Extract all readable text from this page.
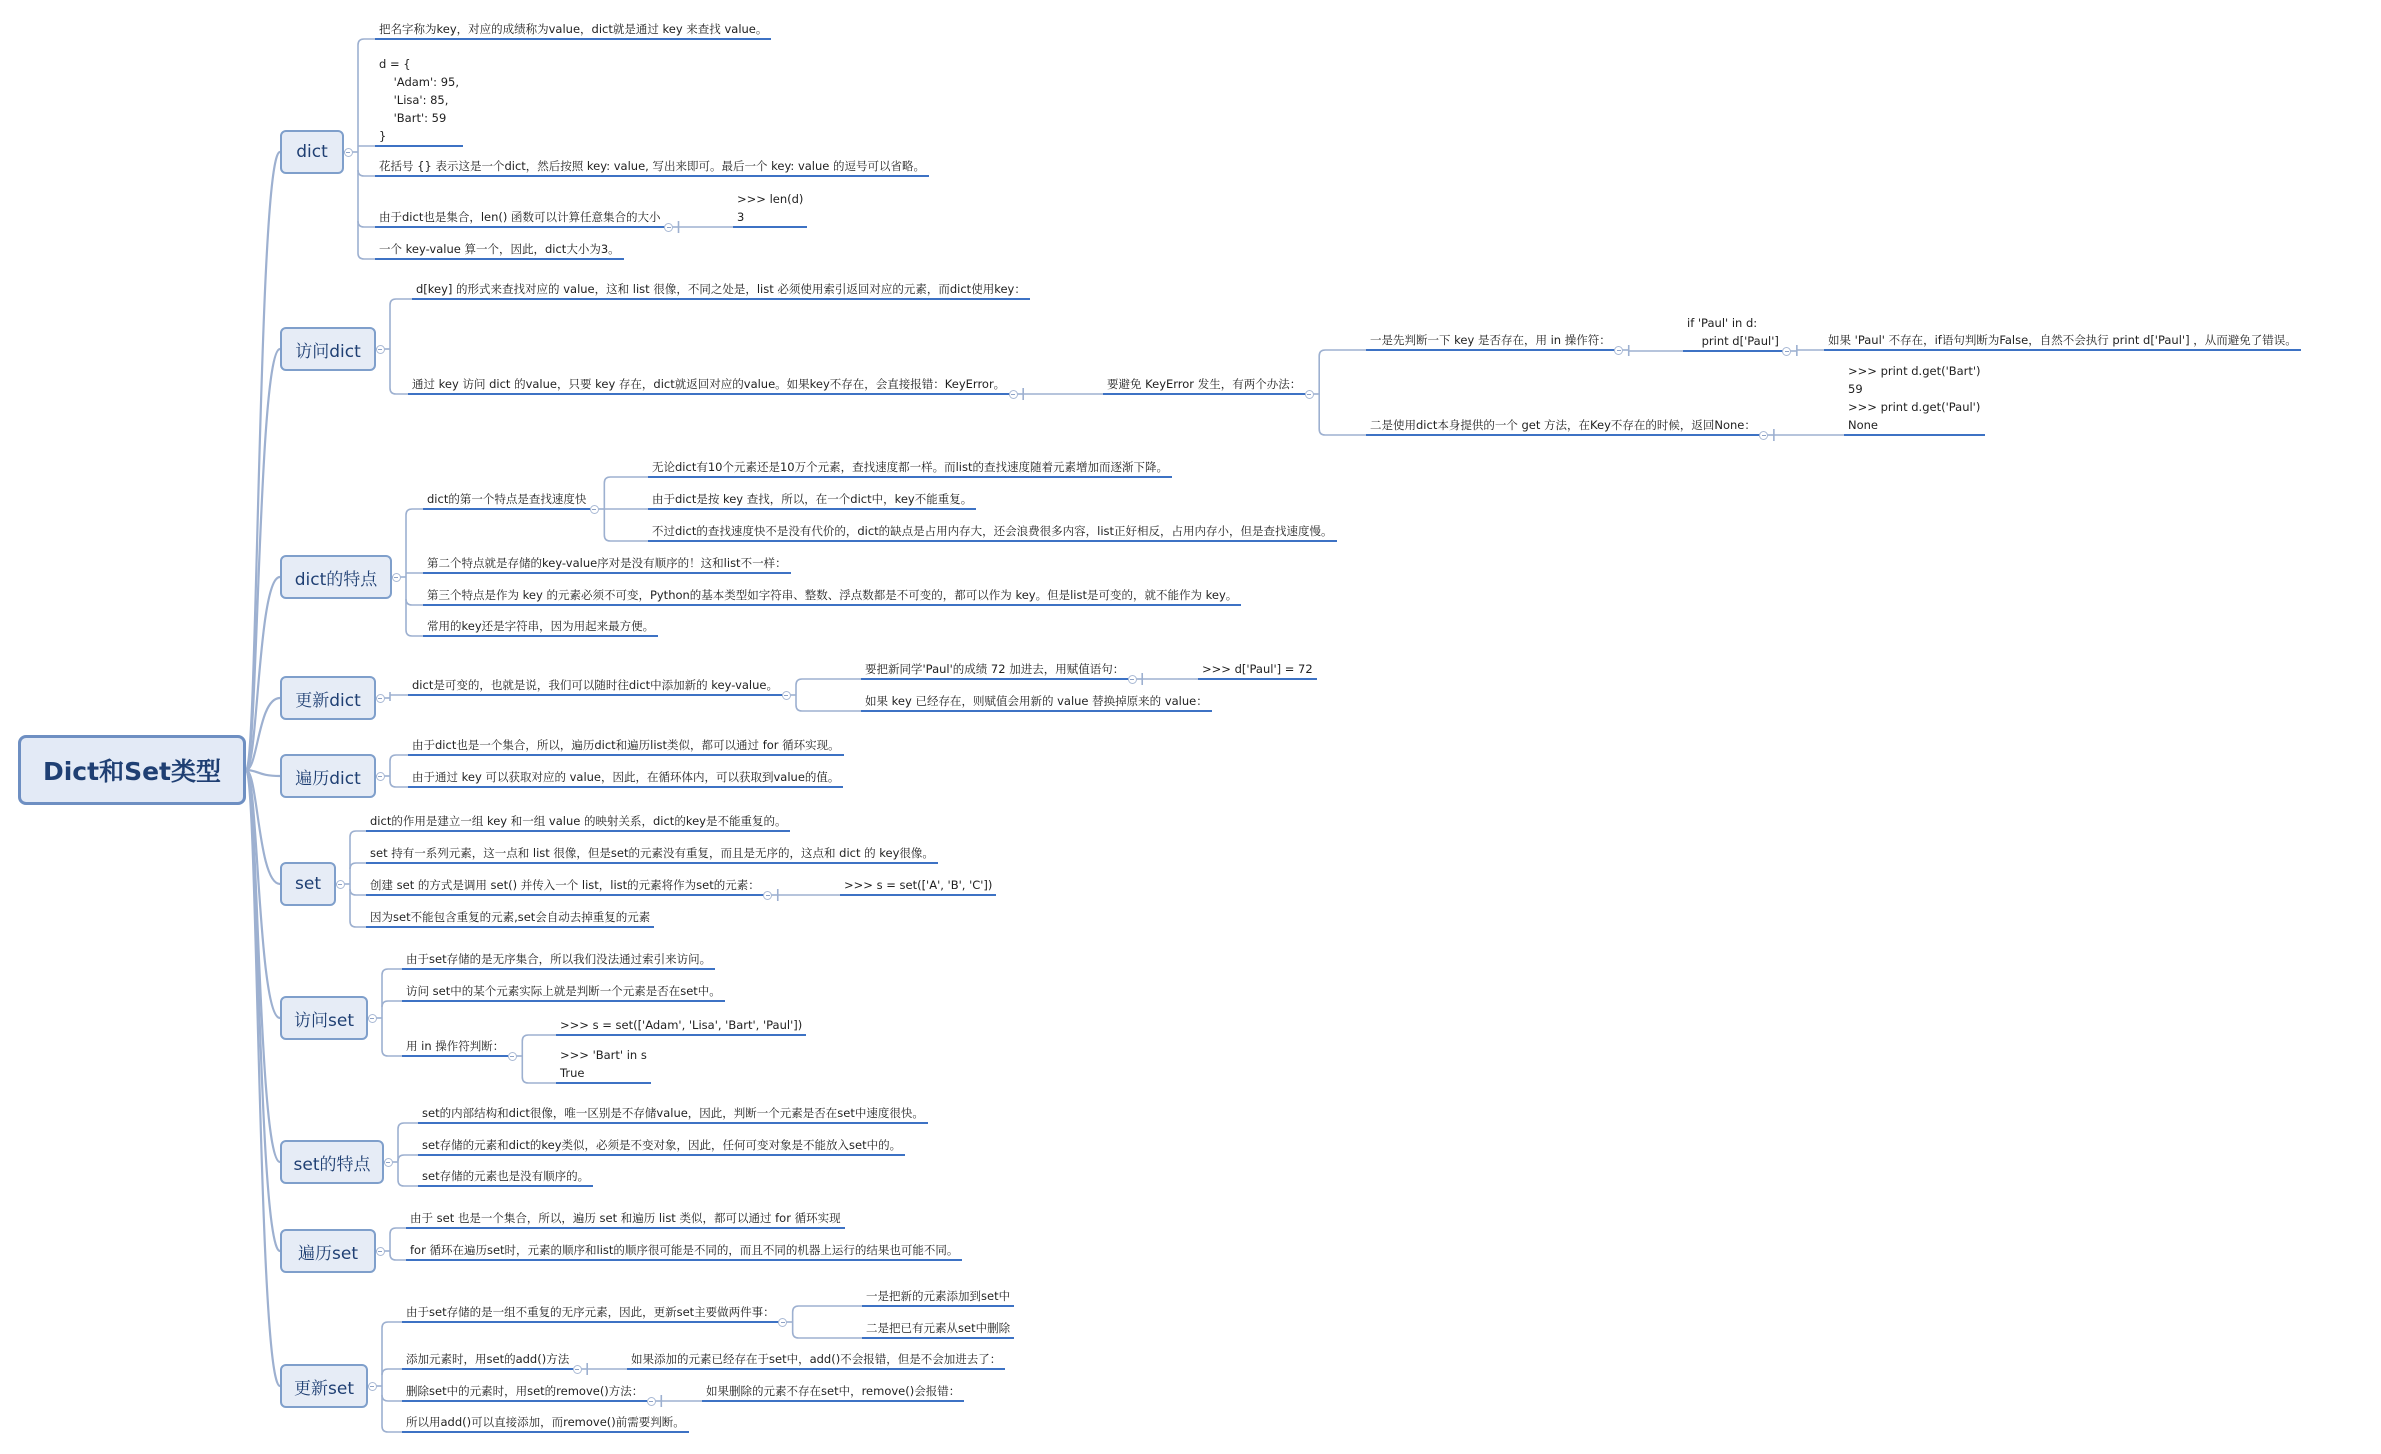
Dict和Set类型
dict
访问dict
dict的特点
更新dict
遍历dict
set
访问set
set的特点
遍历set
更新set
把名字称为key，对应的成绩称为value，dict就是通过 key 来查找 value。
d = {
'Adam': 95,
'Lisa': 85,
'Bart': 59
}
花括号 {} 表示这是一个dict，然后按照 key: value, 写出来即可。最后一个 key: value 的逗号可以省略。
由于dict也是集合，len() 函数可以计算任意集合的大小
>>> len(d)
3
一个 key-value 算一个，因此，dict大小为3。
d[key] 的形式来查找对应的 value，这和 list 很像，不同之处是，list 必须使用索引返回对应的元素，而dict使用key：
通过 key 访问 dict 的value，只要 key 存在，dict就返回对应的value。如果key不存在，会直接报错：KeyError。	要避免 KeyError 发生，有两个办法：
一是先判断一下 key 是否存在，用 in 操作符：
if 'Paul' in d:
print d['Paul']	如果 'Paul' 不存在，if语句判断为False，自然不会执行 print d['Paul'] ，从而避免了错误。
二是使用dict本身提供的一个 get 方法，在Key不存在的时候，返回None：
>>> print d.get('Bart')
59
>>> print d.get('Paul')
None
dict的第一个特点是查找速度快
无论dict有10个元素还是10万个元素，查找速度都一样。而list的查找速度随着元素增加而逐渐下降。
由于dict是按 key 查找，所以，在一个dict中，key不能重复。
不过dict的查找速度快不是没有代价的，dict的缺点是占用内存大，还会浪费很多内容，list正好相反，占用内存小，但是查找速度慢。
第二个特点就是存储的key-value序对是没有顺序的！这和list不一样：
第三个特点是作为 key 的元素必须不可变，Python的基本类型如字符串、整数、浮点数都是不可变的，都可以作为 key。但是list是可变的，就不能作为 key。
常用的key还是字符串，因为用起来最方便。
dict是可变的，也就是说，我们可以随时往dict中添加新的 key-value。
要把新同学'Paul'的成绩 72 加进去，用赋值语句：	>>> d['Paul'] = 72
如果 key 已经存在，则赋值会用新的 value 替换掉原来的 value：
由于dict也是一个集合，所以，遍历dict和遍历list类似，都可以通过 for 循环实现。
由于通过 key 可以获取对应的 value，因此，在循环体内，可以获取到value的值。
dict的作用是建立一组 key 和一组 value 的映射关系，dict的key是不能重复的。
set 持有一系列元素，这一点和 list 很像，但是set的元素没有重复，而且是无序的，这点和 dict 的 key很像。
创建 set 的方式是调用 set() 并传入一个 list，list的元素将作为set的元素：	>>> s = set(['A', 'B', 'C'])
因为set不能包含重复的元素,set会自动去掉重复的元素
由于set存储的是无序集合，所以我们没法通过索引来访问。
访问 set中的某个元素实际上就是判断一个元素是否在set中。
用 in 操作符判断：
>>> s = set(['Adam', 'Lisa', 'Bart', 'Paul'])
>>> 'Bart' in s
True
set的内部结构和dict很像，唯一区别是不存储value，因此，判断一个元素是否在set中速度很快。
set存储的元素和dict的key类似，必须是不变对象，因此，任何可变对象是不能放入set中的。
set存储的元素也是没有顺序的。
由于 set 也是一个集合，所以，遍历 set 和遍历 list 类似，都可以通过 for 循环实现
for 循环在遍历set时，元素的顺序和list的顺序很可能是不同的，而且不同的机器上运行的结果也可能不同。
由于set存储的是一组不重复的无序元素，因此，更新set主要做两件事：
一是把新的元素添加到set中
二是把已有元素从set中删除
添加元素时，用set的add()方法	如果添加的元素已经存在于set中，add()不会报错，但是不会加进去了：
删除set中的元素时，用set的remove()方法：	如果删除的元素不存在set中，remove()会报错：
所以用add()可以直接添加，而remove()前需要判断。
